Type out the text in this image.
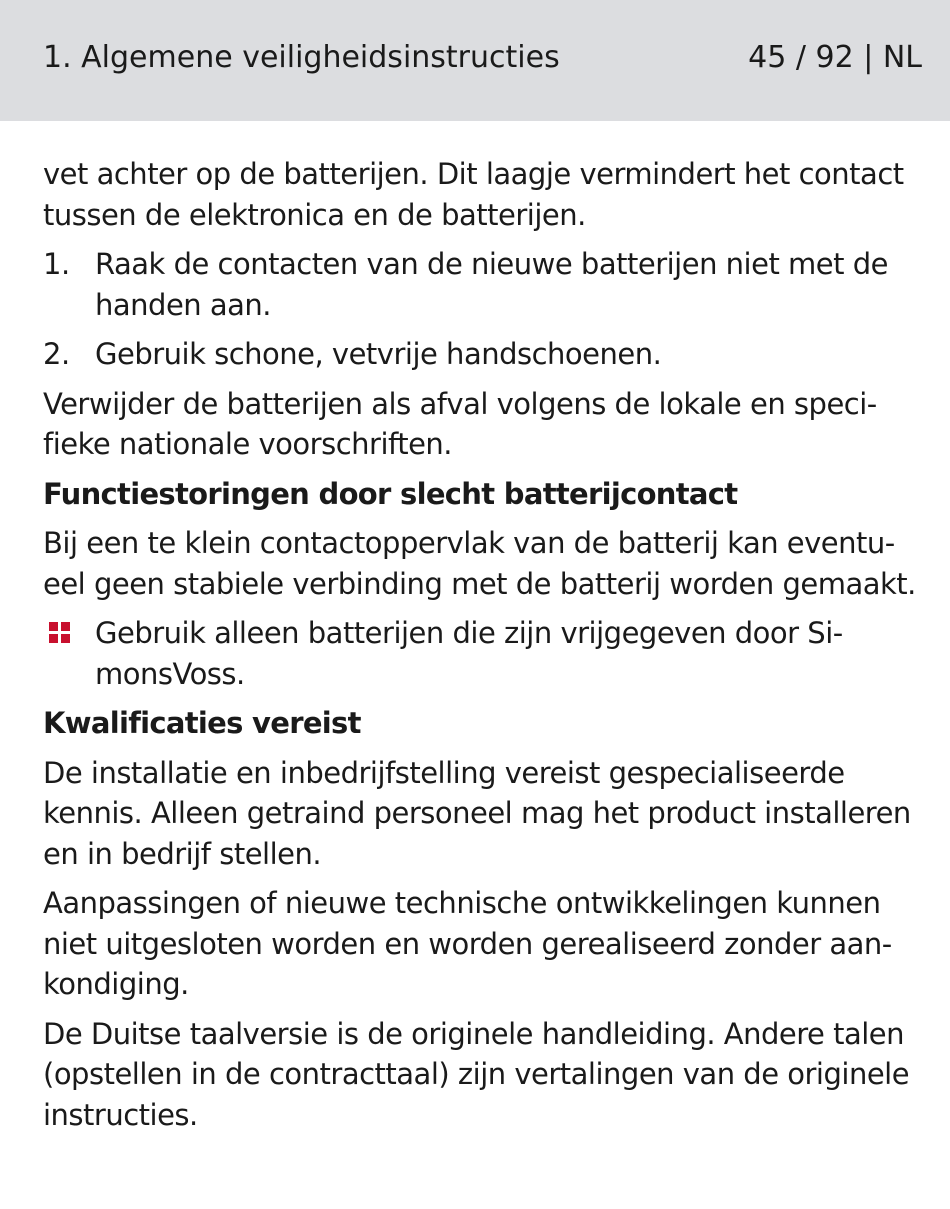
1. Algemene veiligheidsinstructies	45 / 92 | NL

vet achter op de batterijen. Dit laagje vermindert het contact tussen de elektronica en de batterijen.

1. Raak de contacten van de nieuwe batterijen niet met de handen aan.
2. Gebruik schone, vetvrije handschoenen.

Verwijder de batterijen als afval volgens de lokale en specifieke nationale voorschriften.

Functiestoringen door slecht batterijcontact

Bij een te klein contactoppervlak van de batterij kan eventueel geen stabiele verbinding met de batterij worden gemaakt.

Gebruik alleen batterijen die zijn vrijgegeven door SimonsVoss.
Kwalificaties vereist

De installatie en inbedrijfstelling vereist gespecialiseerde kennis. Alleen getraind personeel mag het product installeren en in bedrijf stellen.

Aanpassingen of nieuwe technische ontwikkelingen kunnen niet uitgesloten worden en worden gerealiseerd zonder aankondiging.

De Duitse taalversie is de originele handleiding. Andere talen (opstellen in de contracttaal) zijn vertalingen van de originele instructies.
